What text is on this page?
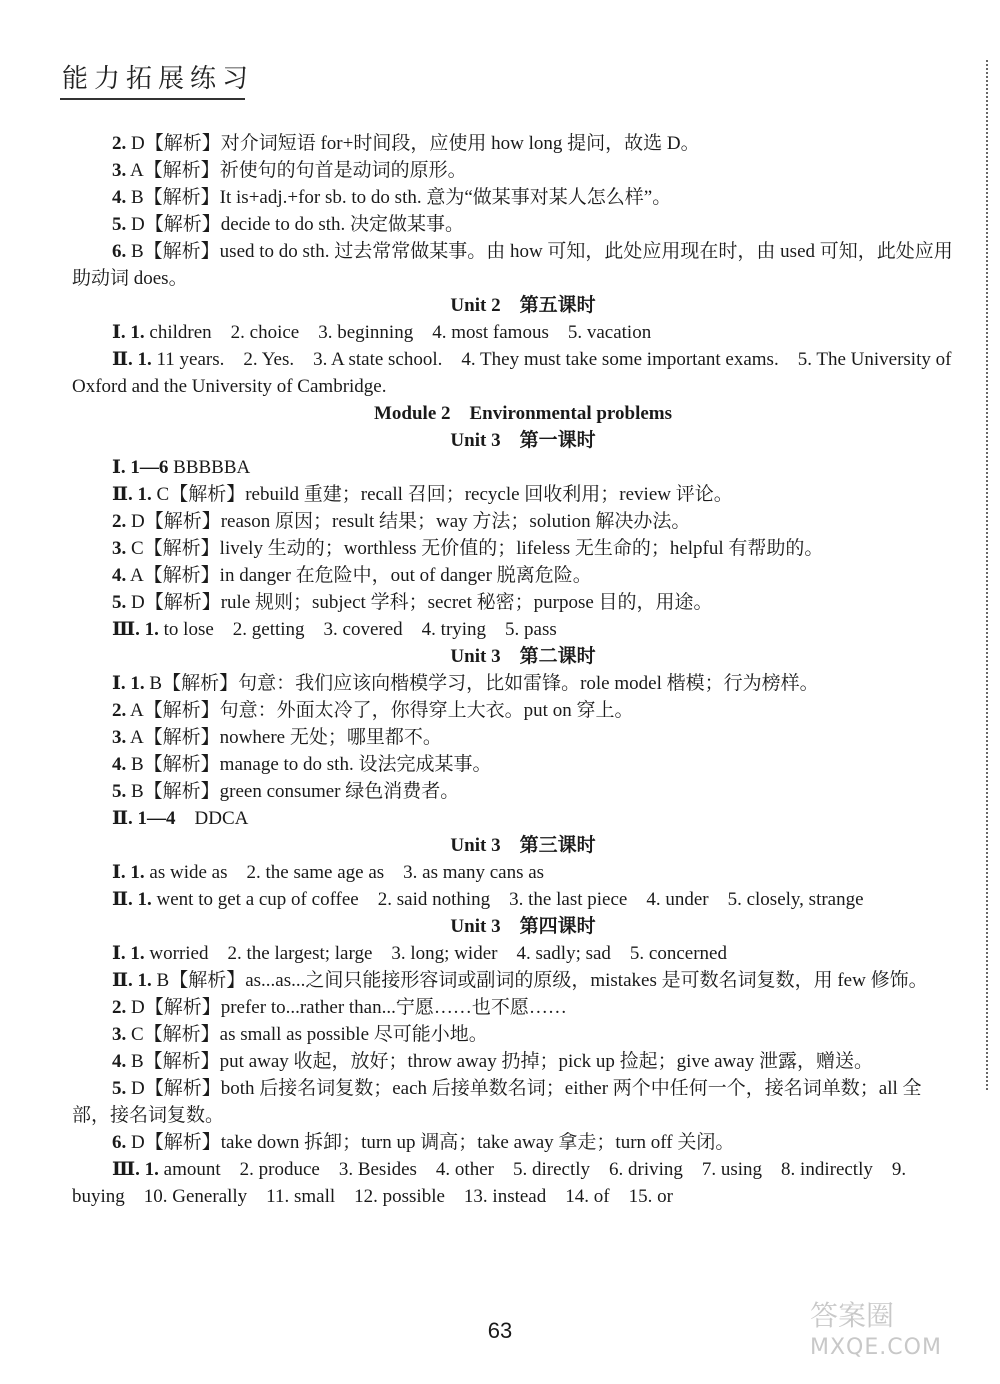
能力拓展练习
2. D【解析】对介词短语 for+时间段，应使用 how long 提问，故选 D。
3. A【解析】祈使句的句首是动词的原形。
4. B【解析】It is+adj.+for sb. to do sth. 意为“做某事对某人怎么样”。
5. D【解析】decide to do sth. 决定做某事。
6. B【解析】used to do sth. 过去常常做某事。由 how 可知，此处应用现在时，由 used 可知，此处应用助动词 does。
Unit 2　第五课时
Ⅰ. 1. children　2. choice　3. beginning　4. most famous　5. vacation
Ⅱ. 1. 11 years.　2. Yes.　3. A state school.　4. They must take some important exams.　5. The University of Oxford and the University of Cambridge.
Module 2　Environmental problems
Unit 3　第一课时
Ⅰ. 1—6 BBBBBA
Ⅱ. 1. C【解析】rebuild 重建；recall 召回；recycle 回收利用；review 评论。
2. D【解析】reason 原因；result 结果；way 方法；solution 解决办法。
3. C【解析】lively 生动的；worthless 无价值的；lifeless 无生命的；helpful 有帮助的。
4. A【解析】in danger 在危险中，out of danger 脱离危险。
5. D【解析】rule 规则；subject 学科；secret 秘密；purpose 目的，用途。
Ⅲ. 1. to lose　2. getting　3. covered　4. trying　5. pass
Unit 3　第二课时
Ⅰ. 1. B【解析】句意：我们应该向楷模学习，比如雷锋。role model 楷模；行为榜样。
2. A【解析】句意：外面太冷了，你得穿上大衣。put on 穿上。
3. A【解析】nowhere 无处；哪里都不。
4. B【解析】manage to do sth. 设法完成某事。
5. B【解析】green consumer 绿色消费者。
Ⅱ. 1—4　DDCA
Unit 3　第三课时
Ⅰ. 1. as wide as　2. the same age as　3. as many cans as
Ⅱ. 1. went to get a cup of coffee　2. said nothing　3. the last piece　4. under　5. closely, strange
Unit 3　第四课时
Ⅰ. 1. worried　2. the largest; large　3. long; wider　4. sadly; sad　5. concerned
Ⅱ. 1. B【解析】as...as...之间只能接形容词或副词的原级，mistakes 是可数名词复数，用 few 修饰。
2. D【解析】prefer to...rather than...宁愿……也不愿……
3. C【解析】as small as possible 尽可能小地。
4. B【解析】put away 收起，放好；throw away 扔掉；pick up 捡起；give away 泄露，赠送。
5. D【解析】both 后接名词复数；each 后接单数名词；either 两个中任何一个，接名词单数；all 全部，接名词复数。
6. D【解析】take down 拆卸；turn up 调高；take away 拿走；turn off 关闭。
Ⅲ. 1. amount　2. produce　3. Besides　4. other　5. directly　6. driving　7. using　8. indirectly　9. buying　10. Generally　11. small　12. possible　13. instead　14. of　15. or
63	答案圈
MXQE.COM
